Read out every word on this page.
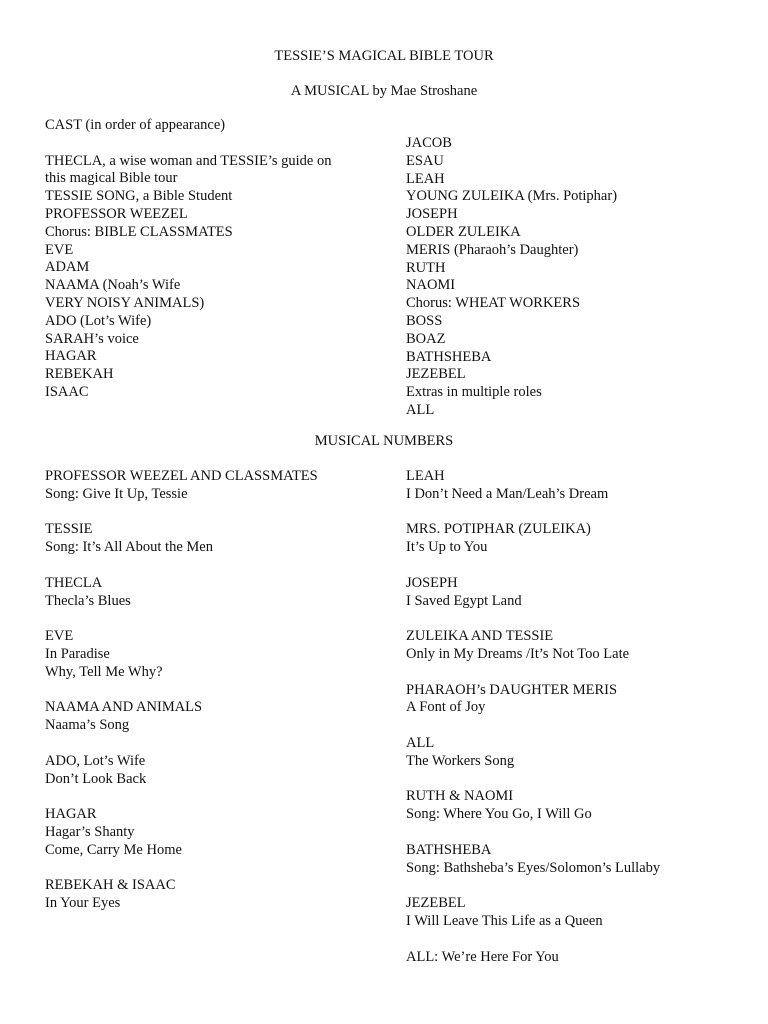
TESSIE’S MAGICAL BIBLE TOUR
A MUSICAL by Mae Stroshane
CAST (in order of appearance)
THECLA, a wise woman and TESSIE’s guide on
this magical Bible tour
TESSIE SONG, a Bible Student
PROFESSOR WEEZEL
Chorus: BIBLE CLASSMATES
EVE
ADAM
NAAMA (Noah’s Wife
VERY NOISY ANIMALS)
ADO (Lot’s Wife)
SARAH’s voice
HAGAR
REBEKAH
ISAAC
JACOB
ESAU
LEAH
YOUNG ZULEIKA (Mrs. Potiphar)
JOSEPH
OLDER ZULEIKA
MERIS (Pharaoh’s Daughter)
RUTH
NAOMI
Chorus: WHEAT WORKERS
BOSS
BOAZ
BATHSHEBA
JEZEBEL
Extras in multiple roles
ALL
MUSICAL NUMBERS
PROFESSOR WEEZEL AND CLASSMATES
Song: Give It Up, Tessie
TESSIE
Song: It’s All About the Men
THECLA
Thecla’s Blues
EVE
In Paradise
Why, Tell Me Why?
NAAMA AND ANIMALS
Naama’s Song
ADO, Lot’s Wife
Don’t Look Back
HAGAR
Hagar’s Shanty
Come, Carry Me Home
REBEKAH & ISAAC
In Your Eyes
LEAH
I Don’t Need a Man/Leah’s Dream
MRS. POTIPHAR (ZULEIKA)
It’s Up to You
JOSEPH
I Saved Egypt Land
ZULEIKA AND TESSIE
Only in My Dreams /It’s Not Too Late
PHARAOH’s DAUGHTER MERIS
A Font of Joy
ALL
The Workers Song
RUTH & NAOMI
Song: Where You Go, I Will Go
BATHSHEBA
Song: Bathsheba’s Eyes/Solomon’s Lullaby
JEZEBEL
I Will Leave This Life as a Queen
ALL: We’re Here For You
